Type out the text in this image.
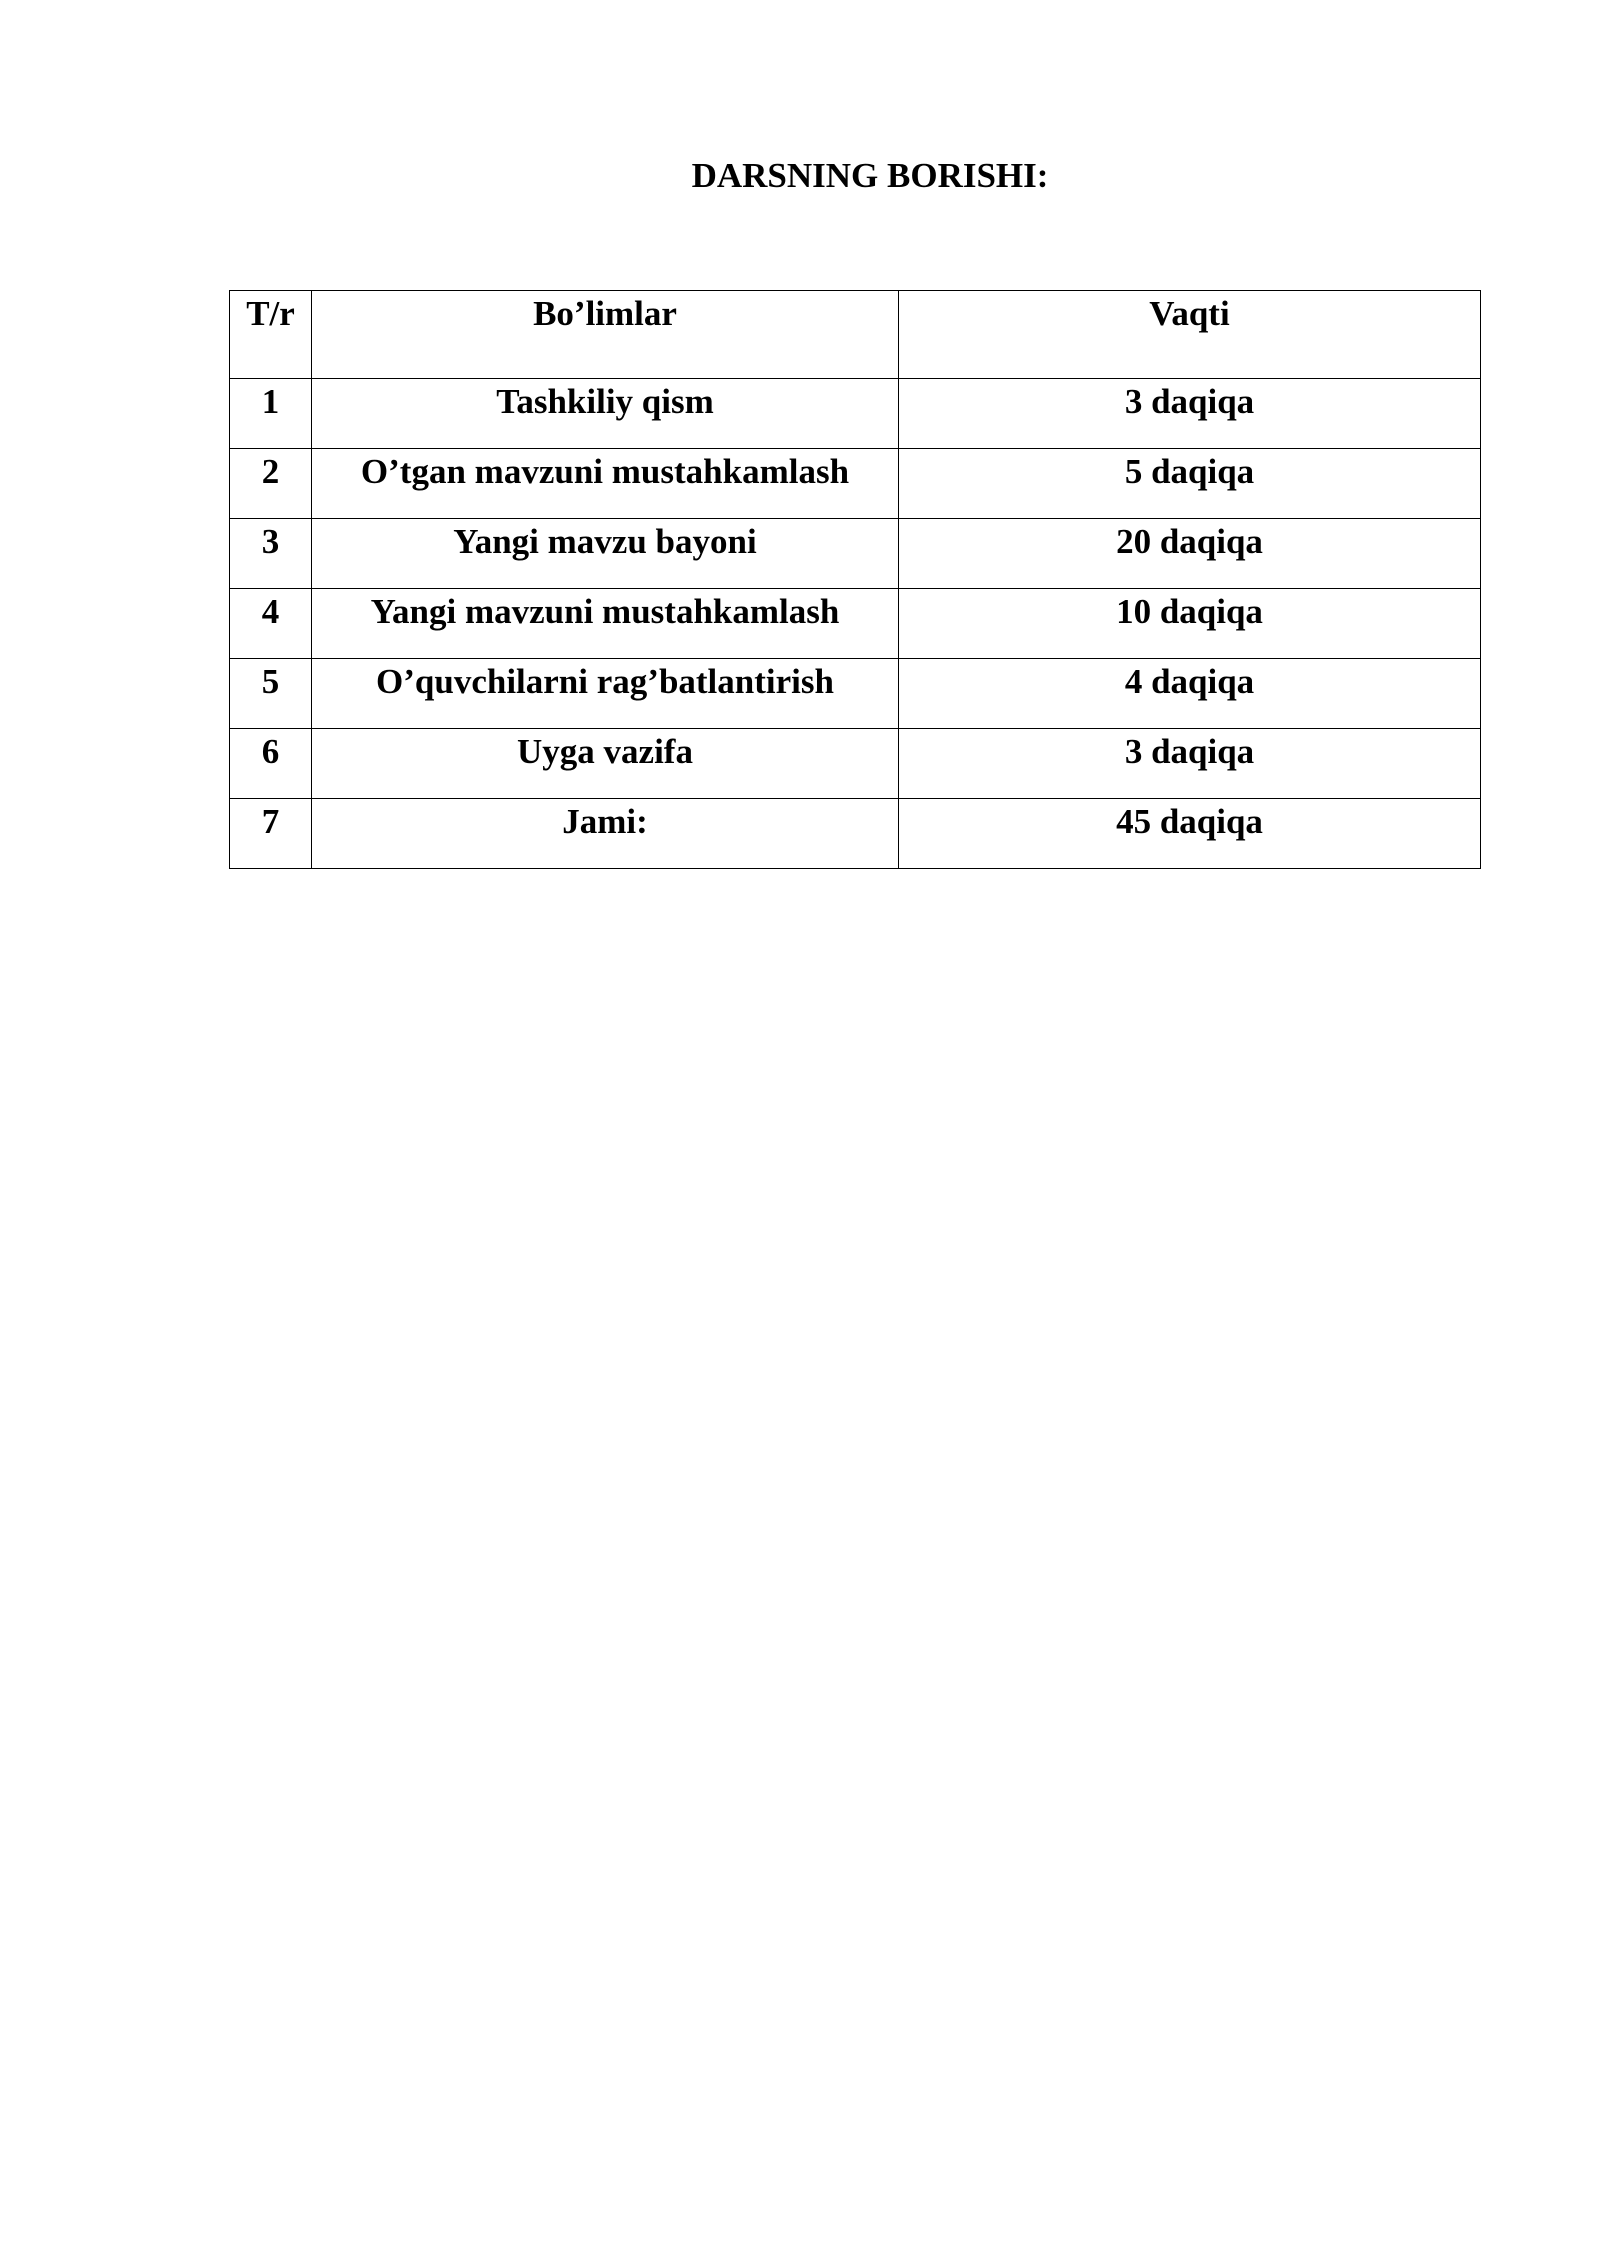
DARSNING BORISHI:
T/r	Bo’limlar	Vaqti
1	Tashkiliy qism	3 daqiqa
2	O’tgan mavzuni mustahkamlash	5 daqiqa
3	Yangi mavzu bayoni	20 daqiqa
4	Yangi mavzuni mustahkamlash	10 daqiqa
5	O’quvchilarni rag’batlantirish	4 daqiqa
6	Uyga vazifa	3 daqiqa
7	Jami:	45 daqiqa
